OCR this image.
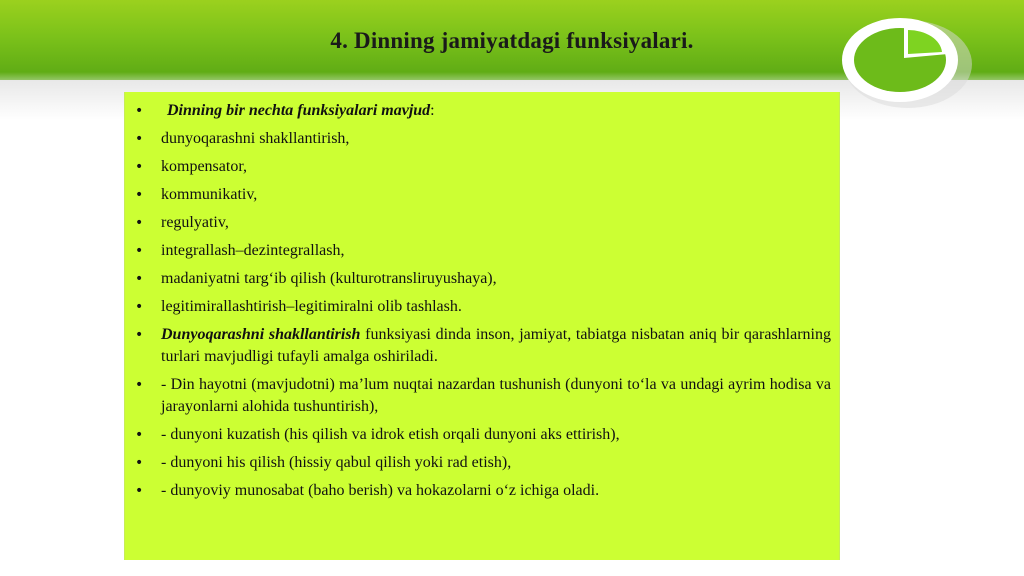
4. Dinning jamiyatdagi funksiyalari.
• Dinning bir nechta funksiyalari mavjud:
• dunyoqarashni shakllantirish,
• kompensator,
• kommunikativ,
• regulyativ,
• integrallash–dezintegrallash,
• madaniyatni targ‘ib qilish (kulturotransliruyushaya),
• legitimirallashtirish–legitimiralni olib tashlash.
• Dunyoqarashni shakllantirish funksiyasi dinda inson, jamiyat, tabiatga nisbatan aniq bir qarashlarning turlari mavjudligi tufayli amalga oshiriladi.
• - Din hayotni (mavjudotni) ma’lum nuqtai nazardan tushunish (dunyoni to‘la va undagi ayrim hodisa va jarayonlarni alohida tushuntirish),
• - dunyoni kuzatish (his qilish va idrok etish orqali dunyoni aks ettirish),
• - dunyoni his qilish (hissiy qabul qilish yoki rad etish),
• - dunyoviy munosabat (baho berish) va hokazolarni o‘z ichiga oladi.
